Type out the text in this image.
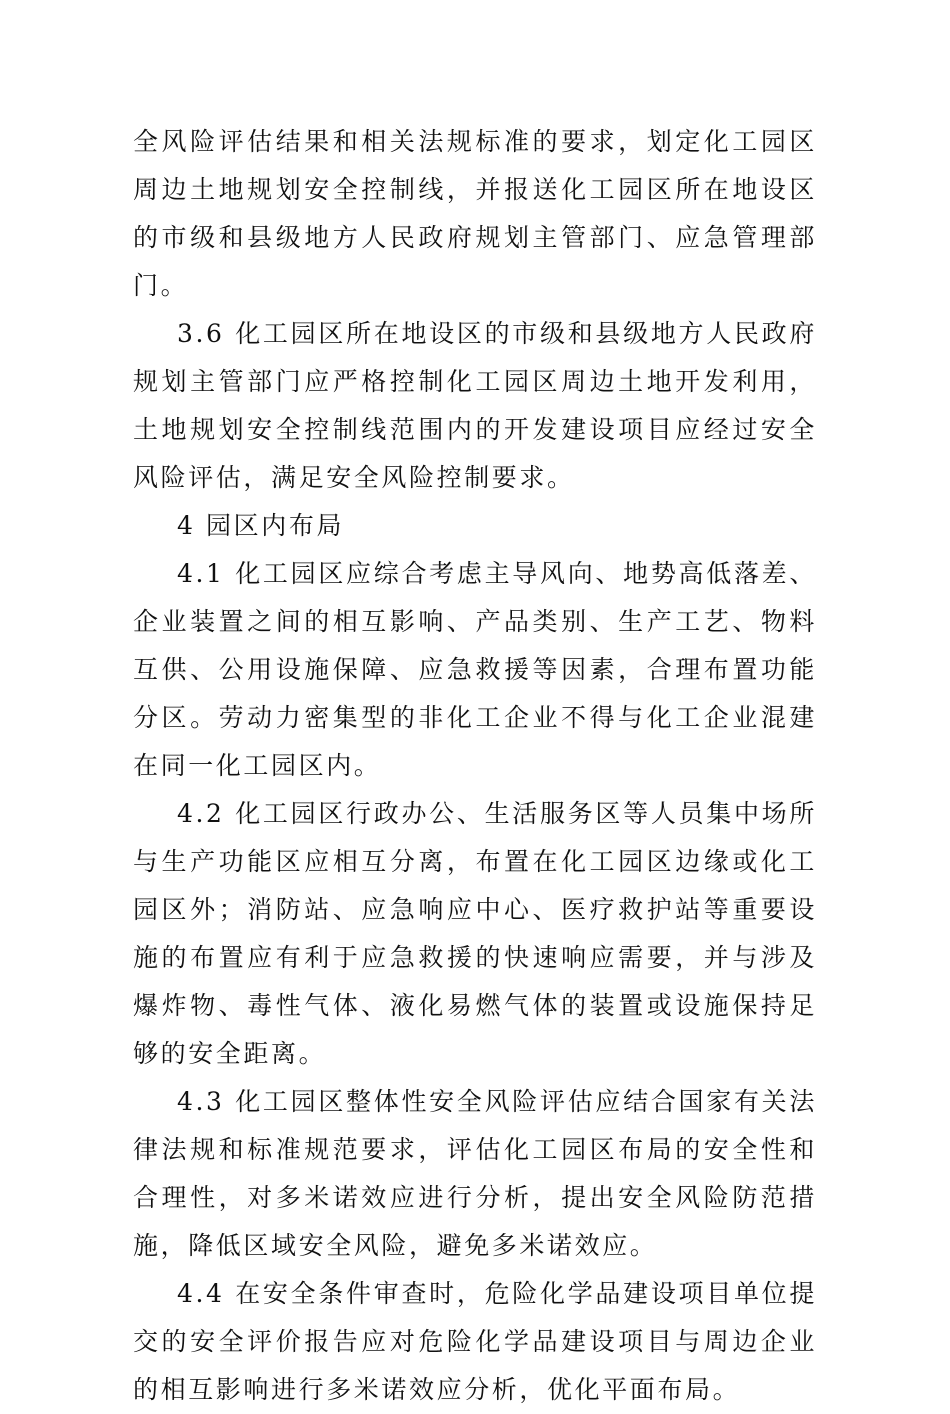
全风险评估结果和相关法规标准的要求，划定化工园区周边土地规划安全控制线，并报送化工园区所在地设区的市级和县级地方人民政府规划主管部门、应急管理部门。

3.6 化工园区所在地设区的市级和县级地方人民政府规划主管部门应严格控制化工园区周边土地开发利用，土地规划安全控制线范围内的开发建设项目应经过安全风险评估，满足安全风险控制要求。

4 园区内布局

4.1 化工园区应综合考虑主导风向、地势高低落差、企业装置之间的相互影响、产品类别、生产工艺、物料互供、公用设施保障、应急救援等因素，合理布置功能分区。劳动力密集型的非化工企业不得与化工企业混建在同一化工园区内。

4.2 化工园区行政办公、生活服务区等人员集中场所与生产功能区应相互分离，布置在化工园区边缘或化工园区外；消防站、应急响应中心、医疗救护站等重要设施的布置应有利于应急救援的快速响应需要，并与涉及爆炸物、毒性气体、液化易燃气体的装置或设施保持足够的安全距离。

4.3 化工园区整体性安全风险评估应结合国家有关法律法规和标准规范要求，评估化工园区布局的安全性和合理性，对多米诺效应进行分析，提出安全风险防范措施，降低区域安全风险，避免多米诺效应。

4.4 在安全条件审查时，危险化学品建设项目单位提交的安全评价报告应对危险化学品建设项目与周边企业的相互影响进行多米诺效应分析，优化平面布局。
